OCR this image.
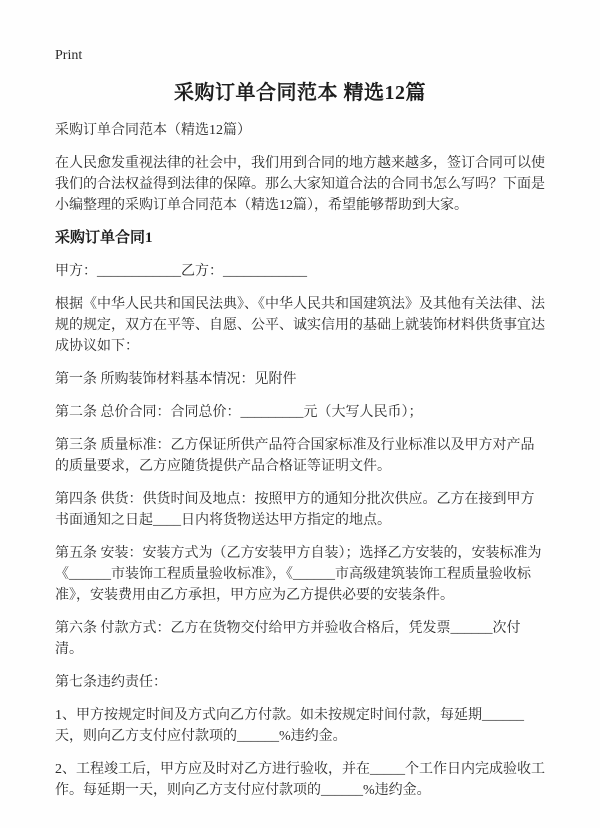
Print
采购订单合同范本 精选12篇

采购订单合同范本（精选12篇）

在人民愈发重视法律的社会中，我们用到合同的地方越来越多，签订合同可以使我们的合法权益得到法律的保障。那么大家知道合法的合同书怎么写吗？下面是小编整理的采购订单合同范本（精选12篇），希望能够帮助到大家。

采购订单合同1

甲方：____________乙方：____________

根据《中华人民共和国民法典》、《中华人民共和国建筑法》及其他有关法律、法规的规定，双方在平等、自愿、公平、诚实信用的基础上就装饰材料供货事宜达成协议如下：

第一条 所购装饰材料基本情况：见附件

第二条 总价合同：合同总价：_________元（大写人民币）；

第三条 质量标准：乙方保证所供产品符合国家标准及行业标准以及甲方对产品的质量要求，乙方应随货提供产品合格证等证明文件。

第四条 供货：供货时间及地点：按照甲方的通知分批次供应。乙方在接到甲方书面通知之日起____日内将货物送达甲方指定的地点。

第五条 安装：安装方式为（乙方安装甲方自装）；选择乙方安装的，安装标准为《______市装饰工程质量验收标准》，《______市高级建筑装饰工程质量验收标准》，安装费用由乙方承担，甲方应为乙方提供必要的安装条件。

第六条 付款方式：乙方在货物交付给甲方并验收合格后，凭发票______次付清。

第七条违约责任：

1、甲方按规定时间及方式向乙方付款。如未按规定时间付款，每延期______天，则向乙方支付应付款项的______%违约金。

2、工程竣工后，甲方应及时对乙方进行验收，并在_____个工作日内完成验收工作。每延期一天，则向乙方支付应付款项的______%违约金。
